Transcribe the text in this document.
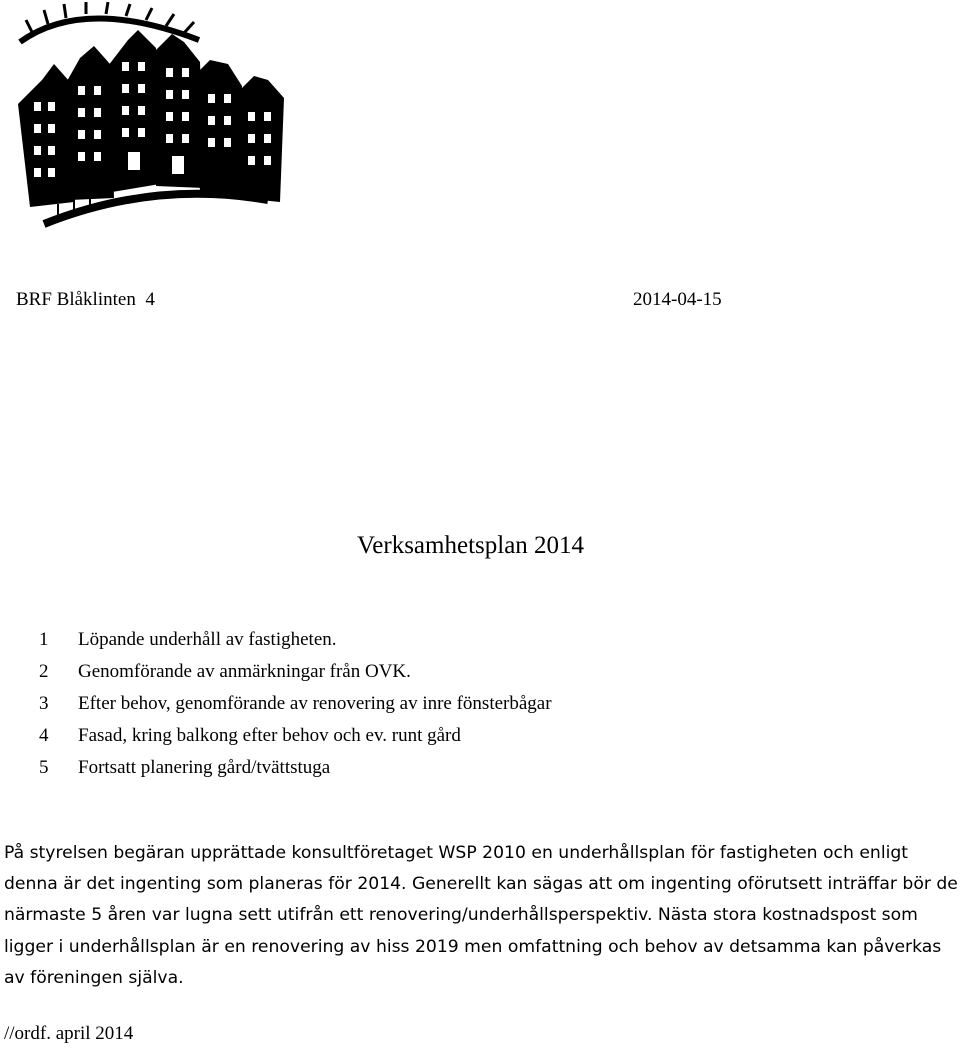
BRF Blåklinten  4	2014-04-15
Verksamhetsplan 2014
1 Löpande underhåll av fastigheten.
2 Genomförande av anmärkningar från OVK.
3 Efter behov, genomförande av renovering av inre fönsterbågar
4 Fasad, kring balkong efter behov och ev. runt gård
5 Fortsatt planering gård/tvättstuga

På styrelsen begäran upprättade konsultföretaget WSP 2010 en underhållsplan för fastigheten och enligt denna är det ingenting som planeras för 2014. Generellt kan sägas att om ingenting oförutsett inträffar bör de närmaste 5 åren var lugna sett utifrån ett renovering/underhållsperspektiv. Nästa stora kostnadspost som ligger i underhållsplan är en renovering av hiss 2019 men omfattning och behov av detsamma kan påverkas av föreningen själva.

//ordf. april 2014
